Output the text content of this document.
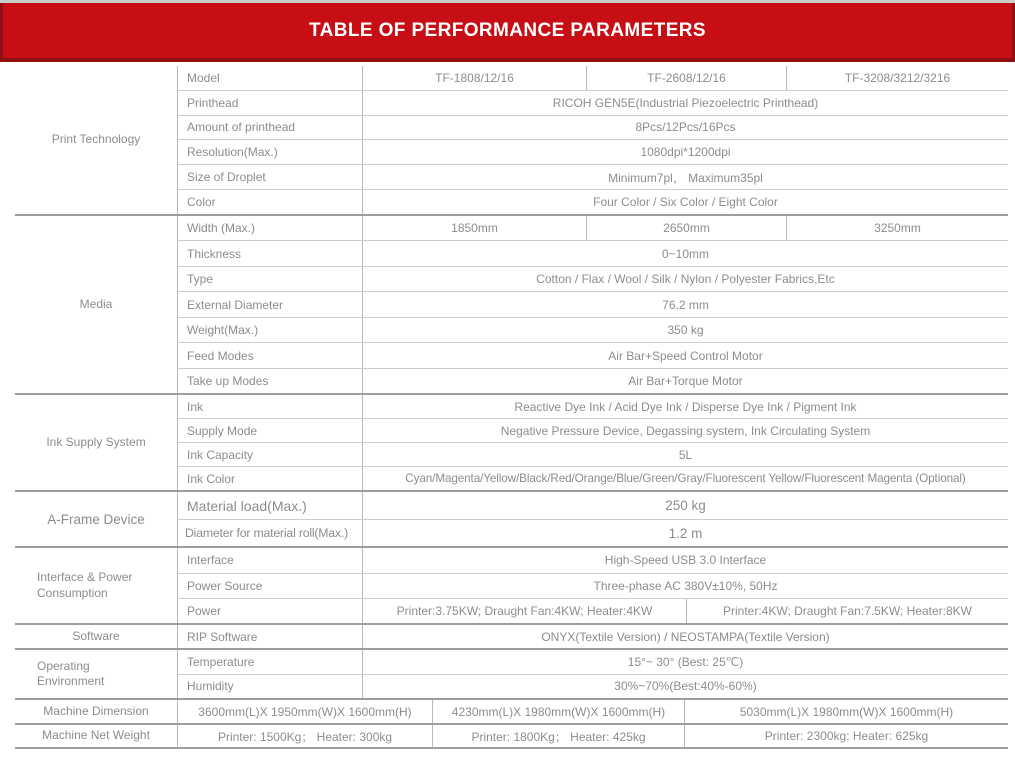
TABLE OF PERFORMANCE PARAMETERS
Print Technology
Model	TF-1808/12/16	TF-2608/12/16	TF-3208/3212/3216
Printhead	RICOH GEN5E(Industrial Piezoelectric Printhead)
Amount of printhead	8Pcs/12Pcs/16Pcs
Resolution(Max.)	1080dpi*1200dpi
Size of Droplet	Minimum7pl， Maximum35pl
Color	Four Color / Six Color / Eight Color
Media
Width (Max.)	1850mm	2650mm	3250mm
Thickness	0~10mm
Type	Cotton / Flax / Wool / Silk / Nylon / Polyester Fabrics,Etc
External Diameter	76.2 mm
Weight(Max.)	350 kg
Feed Modes	Air Bar+Speed Control Motor
Take up Modes	Air Bar+Torque Motor
Ink Supply System
Ink	Reactive Dye Ink / Acid Dye Ink / Disperse Dye Ink / Pigment Ink
Supply Mode	Negative Pressure Device, Degassing system, Ink Circulating System
Ink Capacity	5L
Ink Color	Cyan/Magenta/Yellow/Black/Red/Orange/Blue/Green/Gray/Fluorescent Yellow/Fluorescent Magenta (Optional)
A-Frame Device
Material load(Max.)	250 kg
Diameter for material roll(Max.)	1.2 m
Interface & Power Consumption
Interface	High-Speed USB 3.0 Interface
Power Source	Three-phase AC 380V±10%, 50Hz
Power	Printer:3.75KW; Draught Fan:4KW; Heater:4KW	Printer:4KW; Draught Fan:7.5KW; Heater:8KW
Software	RIP Software	ONYX(Textile Version) / NEOSTAMPA(Textile Version)
Operating Environment
Temperature	15°~ 30° (Best: 25℃)
Humidity	30%~70%(Best:40%-60%)
Machine Dimension	3600mm(L)X 1950mm(W)X 1600mm(H)	4230mm(L)X 1980mm(W)X 1600mm(H)	5030mm(L)X 1980mm(W)X 1600mm(H)
Machine Net Weight	Printer: 1500Kg； Heater: 300kg	Printer: 1800Kg； Heater: 425kg	Printer: 2300kg; Heater: 625kg
